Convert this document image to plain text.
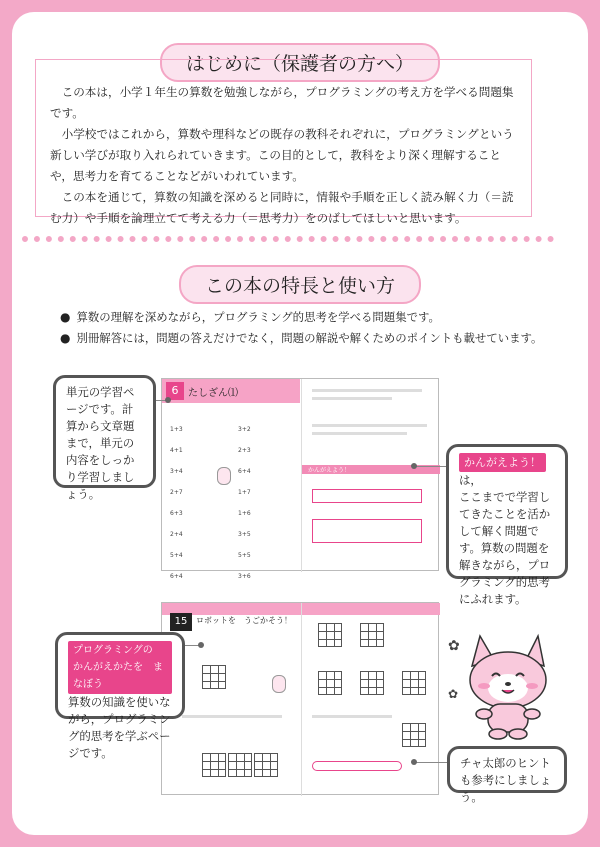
はじめに（保護者の方へ）

この本は，小学１年生の算数を勉強しながら，プログラミングの考え方を学べる問題集です。

小学校ではこれから，算数や理科などの既存の教科それぞれに，プログラミングという新しい学びが取り入れられていきます。この目的として，教科をより深く理解することや，思考力を育てることなどがいわれています。

この本を通じて，算数の知識を深めると同時に，情報や手順を正しく読み解く力（＝読む力）や手順を論理立てて考える力（＝思考力）をのばしてほしいと思います。

この本の特長と使い方
● 算数の理解を深めながら，プログラミング的思考を学べる問題集です。
● 別冊解答には，問題の答えだけでなく，問題の解説や解くためのポイントも載せています。
6 たしざん⑴
1+3
4+1
3+4
2+7
6+3
2+4
5+4
6+4
3+2
2+3
6+4
1+7
1+6
3+5
5+5
3+6
かんがえよう！
単元の学習ページです。計算から文章題まで，単元の内容をしっかり学習しましょう。
かんがえよう！は，
ここまでで学習してきたことを活かして解く問題です。算数の問題を解きながら，プログラミング的思考にふれます。
15	ロボットを　うごかそう！
プログラミングの　かんがえかたを　まなぼう
算数の知識を使いながら，プログラミング的思考を学ぶページです。
チャ太郎のヒントも参考にしましょう。
✿
✿
